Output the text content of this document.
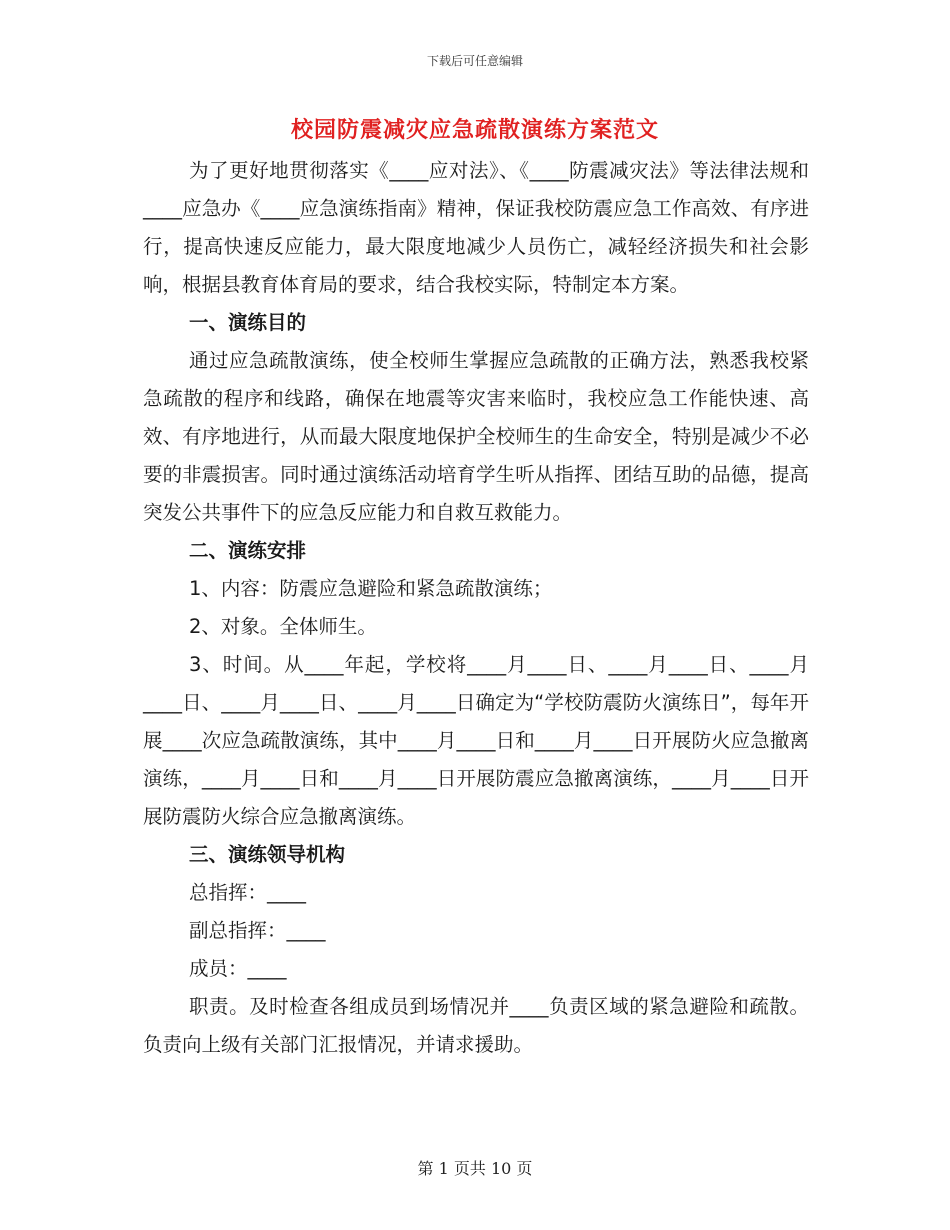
下载后可任意编辑
校园防震减灾应急疏散演练方案范文

为了更好地贯彻落实《____应对法》、《____防震减灾法》等法律法规和____应急办《____应急演练指南》精神，保证我校防震应急工作高效、有序进行，提高快速反应能力，最大限度地减少人员伤亡，减轻经济损失和社会影响，根据县教育体育局的要求，结合我校实际，特制定本方案。

一、演练目的

通过应急疏散演练，使全校师生掌握应急疏散的正确方法，熟悉我校紧急疏散的程序和线路，确保在地震等灾害来临时，我校应急工作能快速、高效、有序地进行，从而最大限度地保护全校师生的生命安全，特别是减少不必要的非震损害。同时通过演练活动培育学生听从指挥、团结互助的品德，提高突发公共事件下的应急反应能力和自救互救能力。

二、演练安排

1、内容：防震应急避险和紧急疏散演练；

2、对象。全体师生。

3、时间。从____年起，学校将____月____日、____月____日、____月____日、____月____日、____月____日确定为“学校防震防火演练日”，每年开展____次应急疏散演练，其中____月____日和____月____日开展防火应急撤离演练，____月____日和____月____日开展防震应急撤离演练，____月____日开展防震防火综合应急撤离演练。

三、演练领导机构

总指挥：____

副总指挥：____

成员：____

职责。及时检查各组成员到场情况并____负责区域的紧急避险和疏散。负责向上级有关部门汇报情况，并请求援助。

第 1 页共 10 页
